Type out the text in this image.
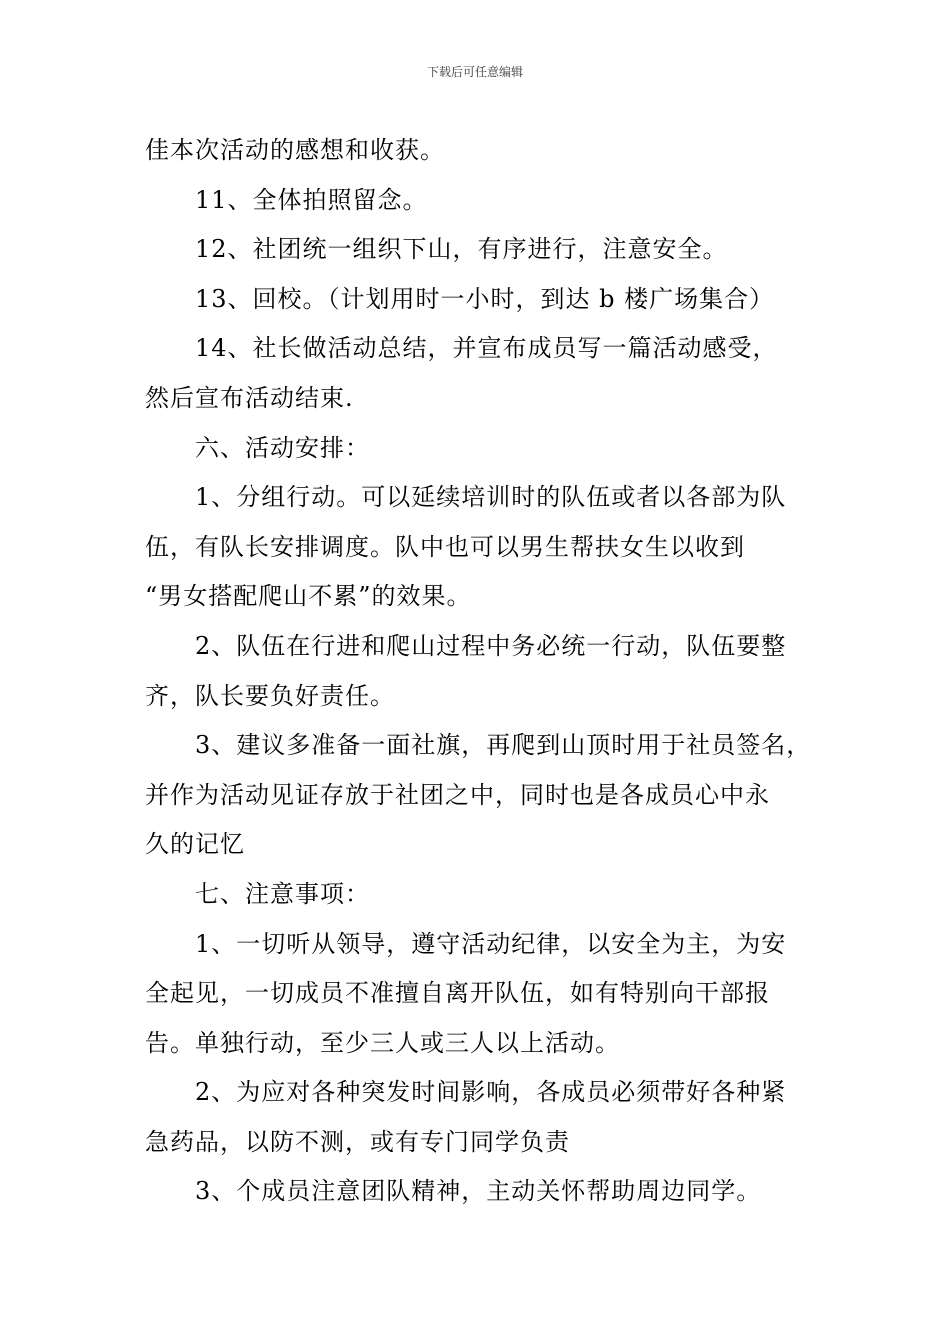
下载后可任意编辑

佳本次活动的感想和收获。

11、全体拍照留念。

12、社团统一组织下山，有序进行，注意安全。

13、回校。（计划用时一小时，到达 b 楼广场集合）

14、社长做活动总结，并宣布成员写一篇活动感受，

然后宣布活动结束.

六、活动安排：

1、分组行动。可以延续培训时的队伍或者以各部为队

伍，有队长安排调度。队中也可以男生帮扶女生以收到

“男女搭配爬山不累”的效果。

2、队伍在行进和爬山过程中务必统一行动，队伍要整

齐，队长要负好责任。

3、建议多准备一面社旗，再爬到山顶时用于社员签名，

并作为活动见证存放于社团之中，同时也是各成员心中永

久的记忆

七、注意事项：

1、一切听从领导，遵守活动纪律，以安全为主，为安

全起见，一切成员不准擅自离开队伍，如有特别向干部报

告。单独行动，至少三人或三人以上活动。

2、为应对各种突发时间影响，各成员必须带好各种紧

急药品，以防不测，或有专门同学负责

3、个成员注意团队精神，主动关怀帮助周边同学。
